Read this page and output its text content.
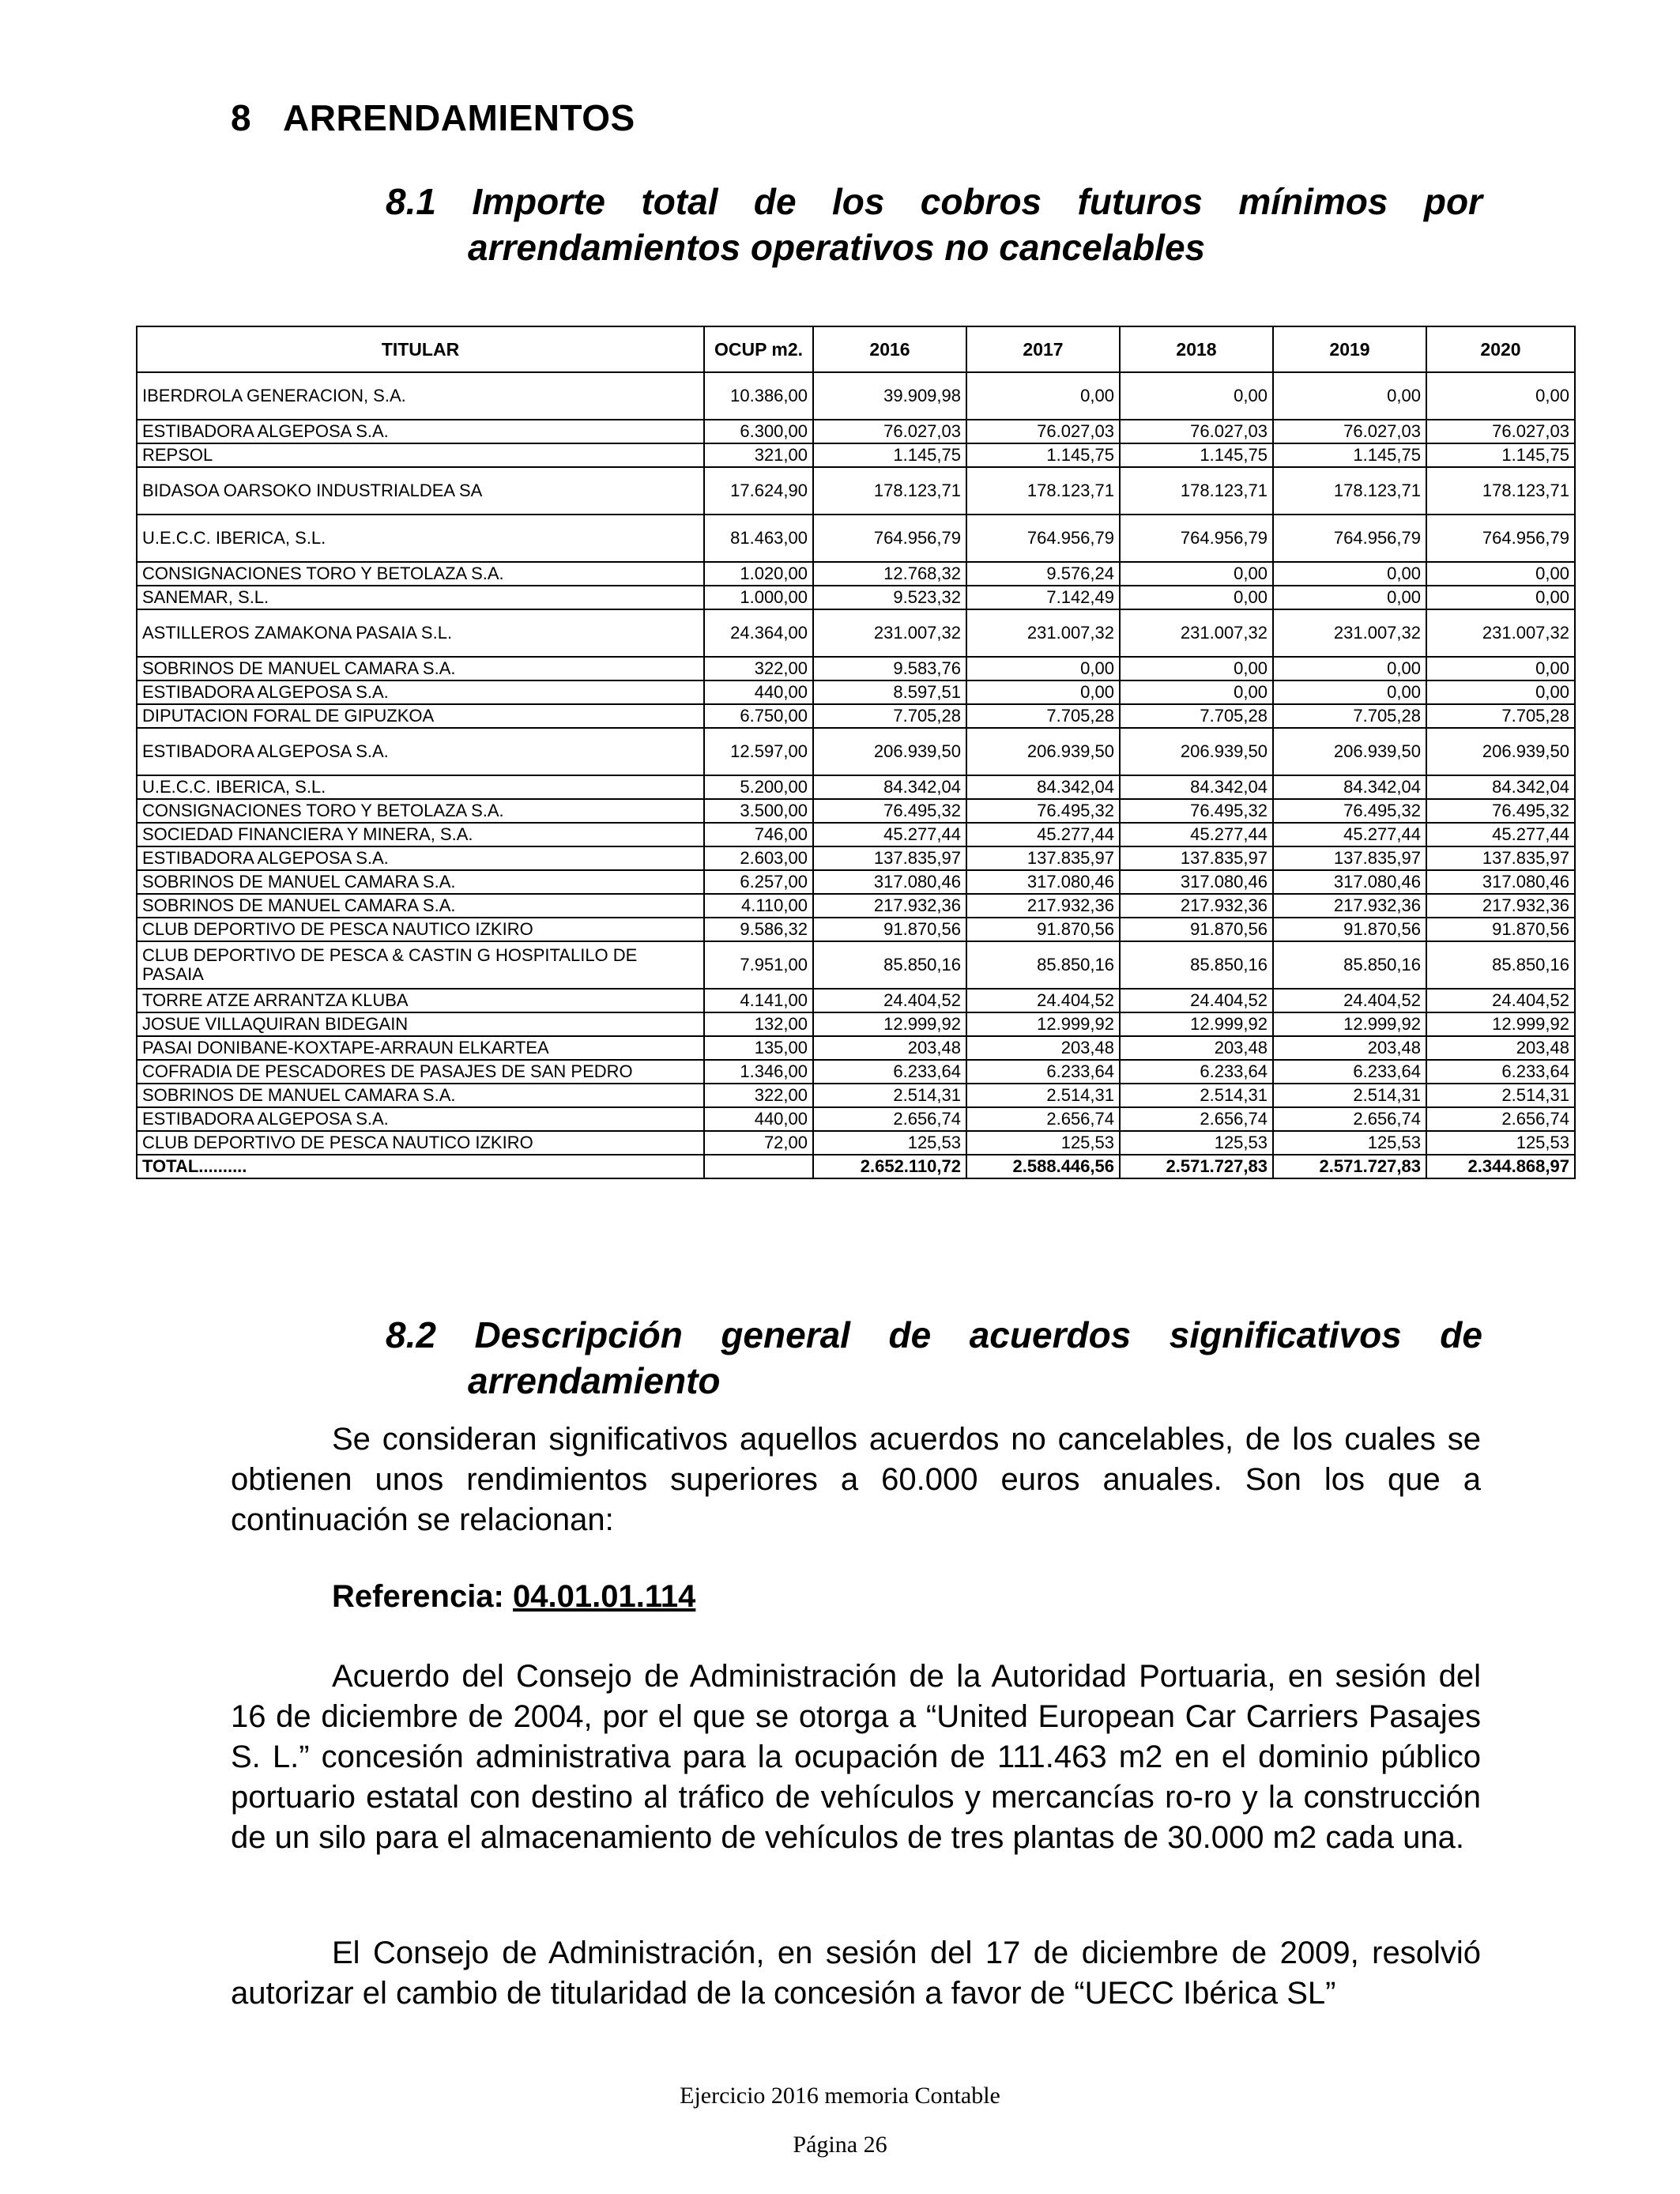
8 ARRENDAMIENTOS
8.1 Importe total de los cobros futuros mínimos por
arrendamientos operativos no cancelables
TITULAR	OCUP m2.	2016	2017	2018	2019	2020
IBERDROLA GENERACION, S.A.	10.386,00	39.909,98	0,00	0,00	0,00	0,00
ESTIBADORA ALGEPOSA S.A.	6.300,00	76.027,03	76.027,03	76.027,03	76.027,03	76.027,03
REPSOL	321,00	1.145,75	1.145,75	1.145,75	1.145,75	1.145,75
BIDASOA OARSOKO INDUSTRIALDEA SA	17.624,90	178.123,71	178.123,71	178.123,71	178.123,71	178.123,71
U.E.C.C. IBERICA, S.L.	81.463,00	764.956,79	764.956,79	764.956,79	764.956,79	764.956,79
CONSIGNACIONES TORO Y BETOLAZA S.A.	1.020,00	12.768,32	9.576,24	0,00	0,00	0,00
SANEMAR, S.L.	1.000,00	9.523,32	7.142,49	0,00	0,00	0,00
ASTILLEROS ZAMAKONA PASAIA S.L.	24.364,00	231.007,32	231.007,32	231.007,32	231.007,32	231.007,32
SOBRINOS DE MANUEL CAMARA S.A.	322,00	9.583,76	0,00	0,00	0,00	0,00
ESTIBADORA ALGEPOSA S.A.	440,00	8.597,51	0,00	0,00	0,00	0,00
DIPUTACION FORAL DE GIPUZKOA	6.750,00	7.705,28	7.705,28	7.705,28	7.705,28	7.705,28
ESTIBADORA ALGEPOSA S.A.	12.597,00	206.939,50	206.939,50	206.939,50	206.939,50	206.939,50
U.E.C.C. IBERICA, S.L.	5.200,00	84.342,04	84.342,04	84.342,04	84.342,04	84.342,04
CONSIGNACIONES TORO Y BETOLAZA S.A.	3.500,00	76.495,32	76.495,32	76.495,32	76.495,32	76.495,32
SOCIEDAD FINANCIERA Y MINERA, S.A.	746,00	45.277,44	45.277,44	45.277,44	45.277,44	45.277,44
ESTIBADORA ALGEPOSA S.A.	2.603,00	137.835,97	137.835,97	137.835,97	137.835,97	137.835,97
SOBRINOS DE MANUEL CAMARA S.A.	6.257,00	317.080,46	317.080,46	317.080,46	317.080,46	317.080,46
SOBRINOS DE MANUEL CAMARA S.A.	4.110,00	217.932,36	217.932,36	217.932,36	217.932,36	217.932,36
CLUB DEPORTIVO DE PESCA NAUTICO IZKIRO	9.586,32	91.870,56	91.870,56	91.870,56	91.870,56	91.870,56
CLUB DEPORTIVO DE PESCA & CASTIN G HOSPITALILO DE PASAIA	7.951,00	85.850,16	85.850,16	85.850,16	85.850,16	85.850,16
TORRE ATZE ARRANTZA KLUBA	4.141,00	24.404,52	24.404,52	24.404,52	24.404,52	24.404,52
JOSUE VILLAQUIRAN BIDEGAIN	132,00	12.999,92	12.999,92	12.999,92	12.999,92	12.999,92
PASAI DONIBANE-KOXTAPE-ARRAUN ELKARTEA	135,00	203,48	203,48	203,48	203,48	203,48
COFRADIA DE PESCADORES DE PASAJES DE SAN PEDRO	1.346,00	6.233,64	6.233,64	6.233,64	6.233,64	6.233,64
SOBRINOS DE MANUEL CAMARA S.A.	322,00	2.514,31	2.514,31	2.514,31	2.514,31	2.514,31
ESTIBADORA ALGEPOSA S.A.	440,00	2.656,74	2.656,74	2.656,74	2.656,74	2.656,74
CLUB DEPORTIVO DE PESCA NAUTICO IZKIRO	72,00	125,53	125,53	125,53	125,53	125,53
TOTAL..........		2.652.110,72	2.588.446,56	2.571.727,83	2.571.727,83	2.344.868,97
8.2 Descripción general de acuerdos significativos de
arrendamiento
Se consideran significativos aquellos acuerdos no cancelables, de los cuales se obtienen unos rendimientos superiores a 60.000 euros anuales. Son los que a continuación se relacionan:
Referencia: 04.01.01.114
Acuerdo del Consejo de Administración de la Autoridad Portuaria, en sesión del 16 de diciembre de 2004, por el que se otorga a “United European Car Carriers Pasajes S. L.” concesión administrativa para la ocupación de 111.463 m2 en el dominio público portuario estatal con destino al tráfico de vehículos y mercancías ro-ro y la construcción de un silo para el almacenamiento de vehículos de tres plantas de 30.000 m2 cada una.
El Consejo de Administración, en sesión del 17 de diciembre de 2009, resolvió autorizar el cambio de titularidad de la concesión a favor de “UECC Ibérica SL”
Ejercicio 2016 memoria Contable
Página 26
